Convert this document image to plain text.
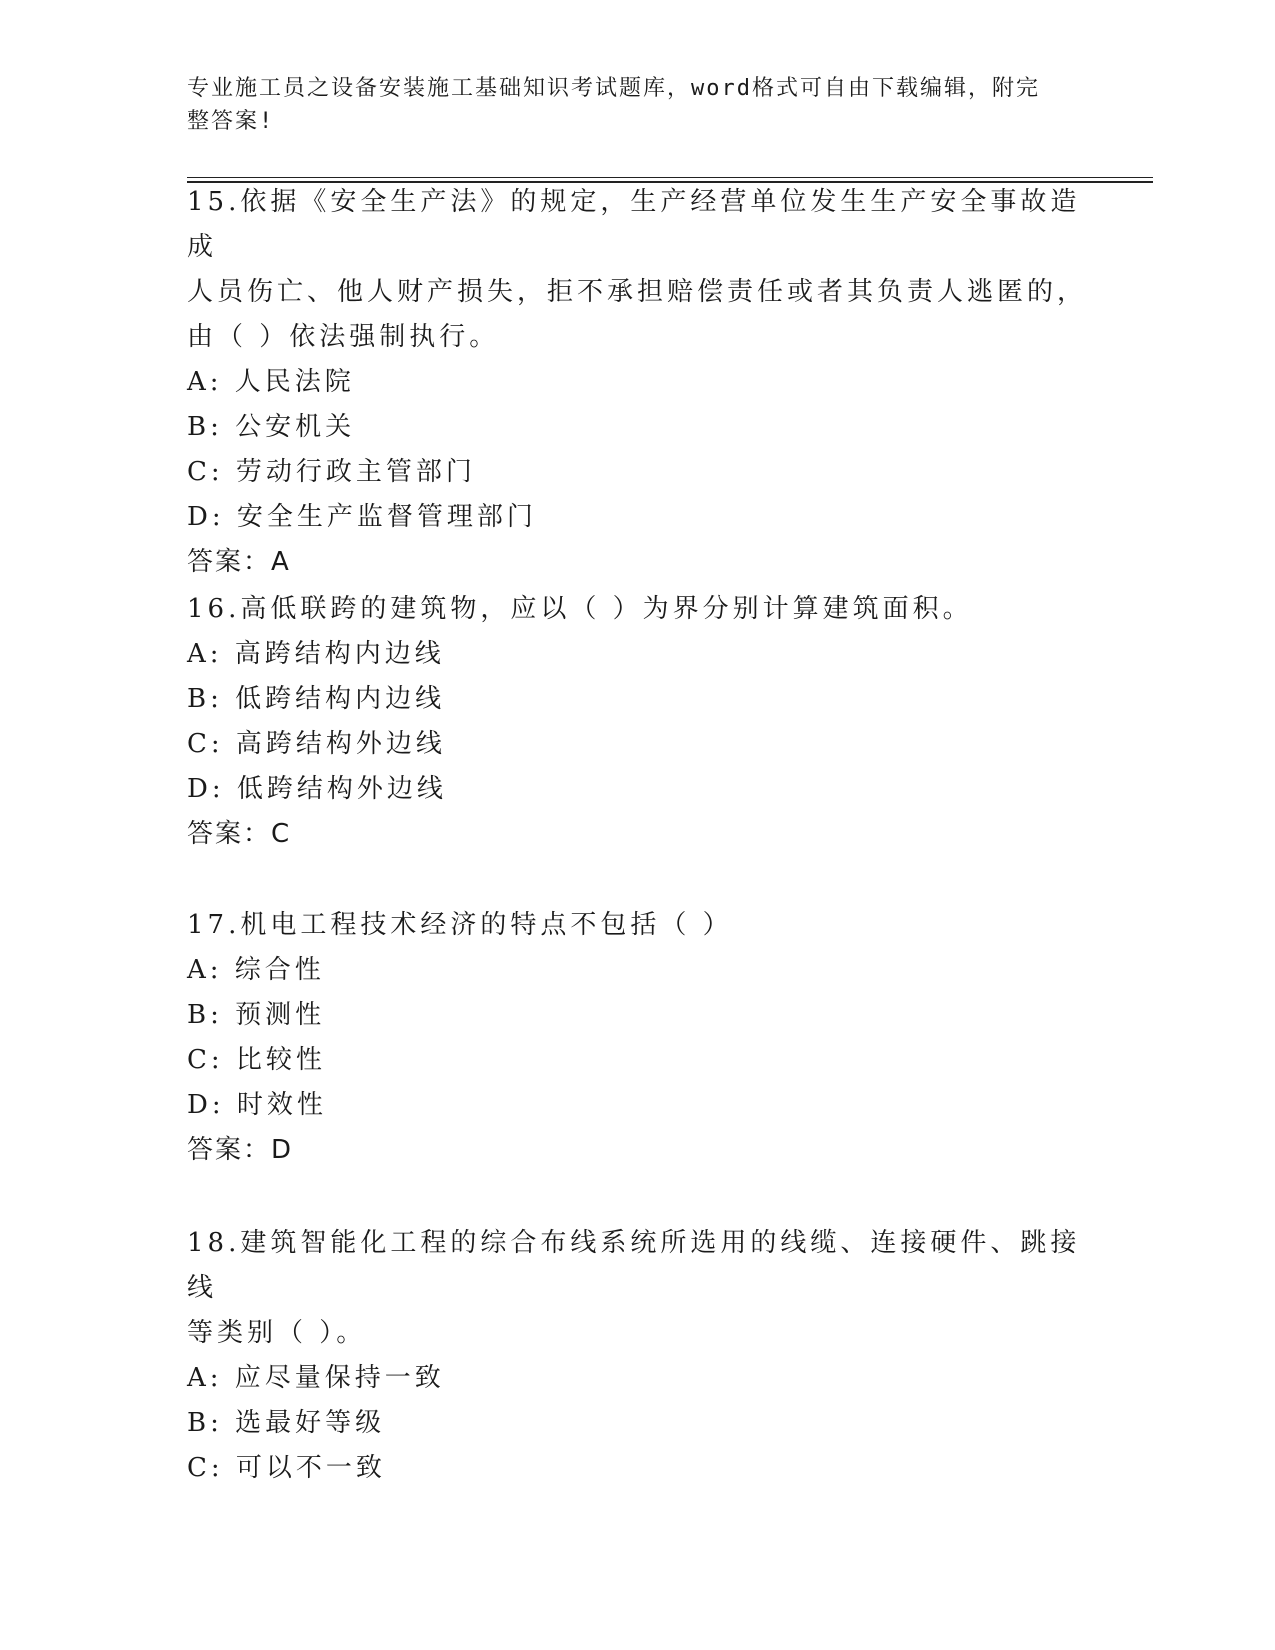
专业施工员之设备安装施工基础知识考试题库，word格式可自由下载编辑，附完
整答案!

15.依据《安全生产法》的规定，生产经营单位发生生产安全事故造成

人员伤亡、他人财产损失，拒不承担赔偿责任或者其负责人逃匿的，

由（ ）依法强制执行。

A: 人民法院

B: 公安机关

C: 劳动行政主管部门

D: 安全生产监督管理部门

答案：A

16.高低联跨的建筑物，应以（ ）为界分别计算建筑面积。

A: 高跨结构内边线

B: 低跨结构内边线

C: 高跨结构外边线

D: 低跨结构外边线

答案：C

17.机电工程技术经济的特点不包括（ ）

A: 综合性

B: 预测性

C: 比较性

D: 时效性

答案：D

18.建筑智能化工程的综合布线系统所选用的线缆、连接硬件、跳接线

等类别（ ）。

A: 应尽量保持一致

B: 选最好等级

C: 可以不一致
